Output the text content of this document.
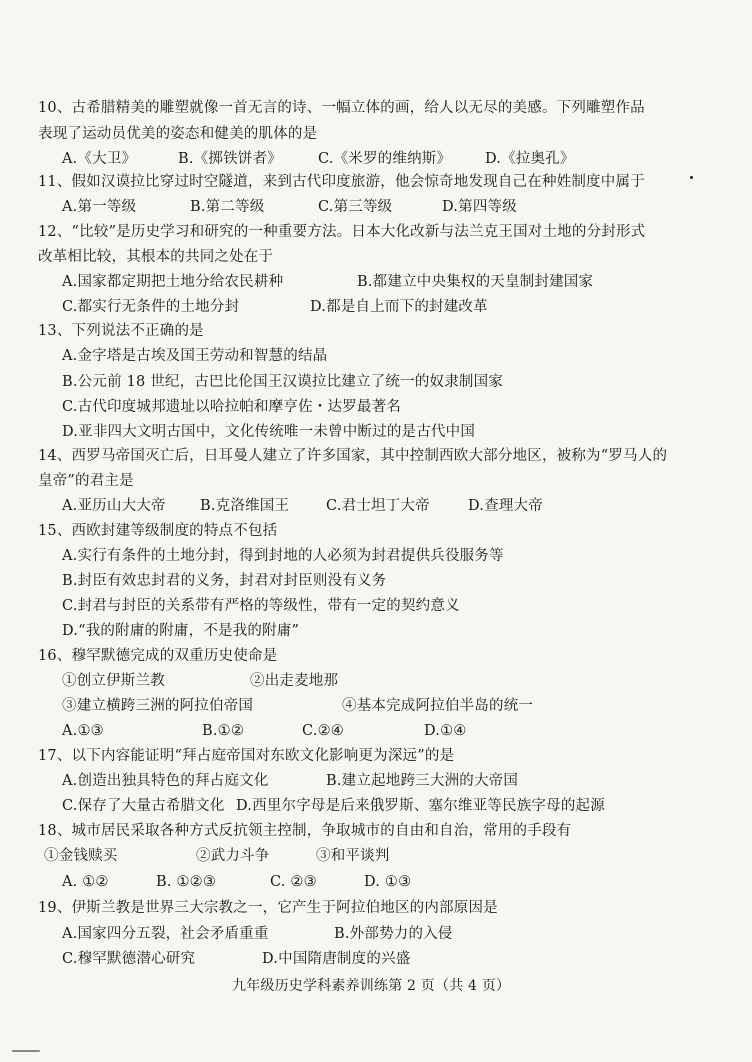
10、古希腊精美的雕塑就像一首无言的诗、一幅立体的画，给人以无尽的美感。下列雕塑作品
表现了运动员优美的姿态和健美的肌体的是
A.《大卫》	B.《掷铁饼者》 C.《米罗的维纳斯》 D.《拉奥孔》
11、假如汉谟拉比穿过时空隧道，来到古代印度旅游，他会惊奇地发现自己在种姓制度中属于
A.第一等级	B.第二等级	C.第三等级	D.第四等级
12、“比较”是历史学习和研究的一种重要方法。日本大化改新与法兰克王国对土地的分封形式
改革相比较，其根本的共同之处在于
A.国家都定期把土地分给农民耕种	B.都建立中央集权的天皇制封建国家
C.都实行无条件的土地分封	D.都是自上而下的封建改革
13、下列说法不正确的是
A.金字塔是古埃及国王劳动和智慧的结晶
B.公元前 18 世纪，古巴比伦国王汉谟拉比建立了统一的奴隶制国家
C.古代印度城邦遗址以哈拉帕和摩亨佐・达罗最著名
D.亚非四大文明古国中，文化传统唯一未曾中断过的是古代中国
14、西罗马帝国灭亡后，日耳曼人建立了许多国家，其中控制西欧大部分地区，被称为“罗马人的
皇帝”的君主是
A.亚历山大大帝 B.克洛维国王	C.君士坦丁大帝	D.查理大帝
15、西欧封建等级制度的特点不包括
A.实行有条件的土地分封，得到封地的人必须为封君提供兵役服务等
B.封臣有效忠封君的义务，封君对封臣则没有义务
C.封君与封臣的关系带有严格的等级性，带有一定的契约意义
D.“我的附庸的附庸，不是我的附庸”
16、穆罕默德完成的双重历史使命是
①创立伊斯兰教	②出走麦地那
③建立横跨三洲的阿拉伯帝国	④基本完成阿拉伯半岛的统一
A.①③	B.①②	C.②④	D.①④
17、以下内容能证明“拜占庭帝国对东欧文化影响更为深远”的是
A.创造出独具特色的拜占庭文化	B.建立起地跨三大洲的大帝国
C.保存了大量古希腊文化 D.西里尔字母是后来俄罗斯、塞尔维亚等民族字母的起源
18、城市居民采取各种方式反抗领主控制，争取城市的自由和自治，常用的手段有
①金钱赎买	②武力斗争	③和平谈判
A. ①②	B. ①②③	C. ②③	D. ①③
19、伊斯兰教是世界三大宗教之一，它产生于阿拉伯地区的内部原因是
A.国家四分五裂，社会矛盾重重	B.外部势力的入侵
C.穆罕默德潜心研究	D.中国隋唐制度的兴盛
九年级历史学科素养训练第 2 页（共 4 页）
